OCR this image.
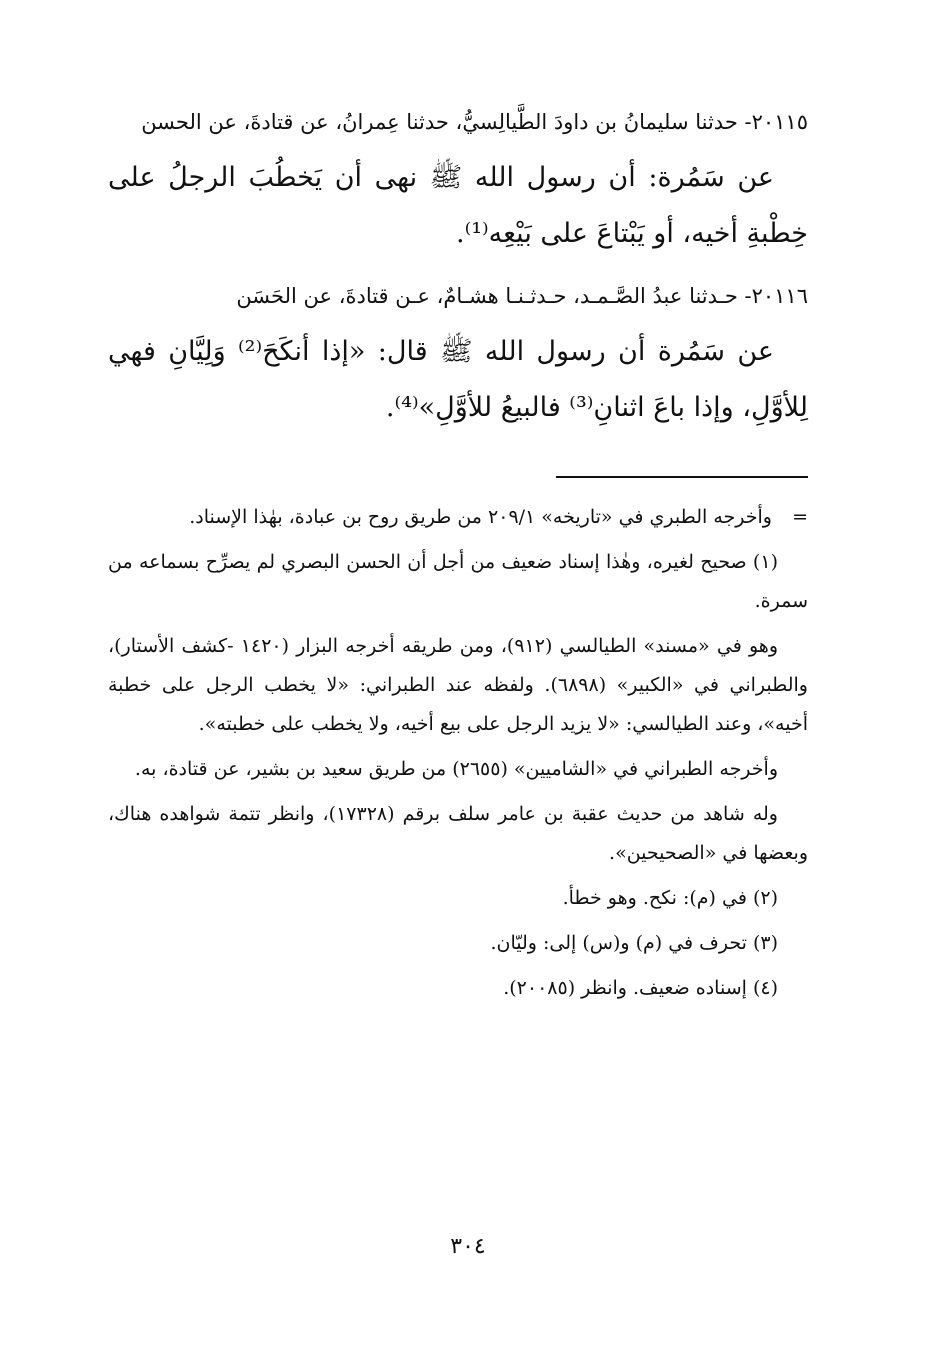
٢٠١١٥- حدثنا سليمانُ بن داودَ الطَّيالِسيُّ، حدثنا عِمرانُ، عن قتادةَ، عن الحسن

عن سَمُرة: أن رسول الله ﷺ نهى أن يَخطُبَ الرجلُ على خِطْبةِ أخيه، أو يَبْتاعَ على بَيْعِه⁽¹⁾.

٢٠١١٦- حـدثنا عبدُ الصَّـمـد، حـدثـنـا هشـامٌ، عـن قتادةَ، عن الحَسَن

عن سَمُرة أن رسول الله ﷺ قال: «إذا أنكَحَ⁽²⁾ وَلِيَّانِ فهي لِلأوَّلِ، وإذا باعَ اثنانِ⁽³⁾ فالبيعُ للأوَّلِ»⁽⁴⁾.

= وأخرجه الطبري في «تاريخه» ٢٠٩/١ من طريق روح بن عبادة، بهٰذا الإسناد.

(١) صحيح لغيره، وهٰذا إسناد ضعيف من أجل أن الحسن البصري لم يصرِّح بسماعه من سمرة.

وهو في «مسند» الطيالسي (٩١٢)، ومن طريقه أخرجه البزار (١٤٢٠ -كشف الأستار)، والطبراني في «الكبير» (٦٨٩٨). ولفظه عند الطبراني: «لا يخطب الرجل على خطبة أخيه»، وعند الطيالسي: «لا يزيد الرجل على بيع أخيه، ولا يخطب على خطبته».

وأخرجه الطبراني في «الشاميين» (٢٦٥٥) من طريق سعيد بن بشير، عن قتادة، به.

وله شاهد من حديث عقبة بن عامر سلف برقم (١٧٣٢٨)، وانظر تتمة شواهده هناك، وبعضها في «الصحيحين».

(٢) في (م): نكح. وهو خطأ.

(٣) تحرف في (م) و(س) إلى: وليّان.

(٤) إسناده ضعيف. وانظر (٢٠٠٨٥).

٣٠٤
